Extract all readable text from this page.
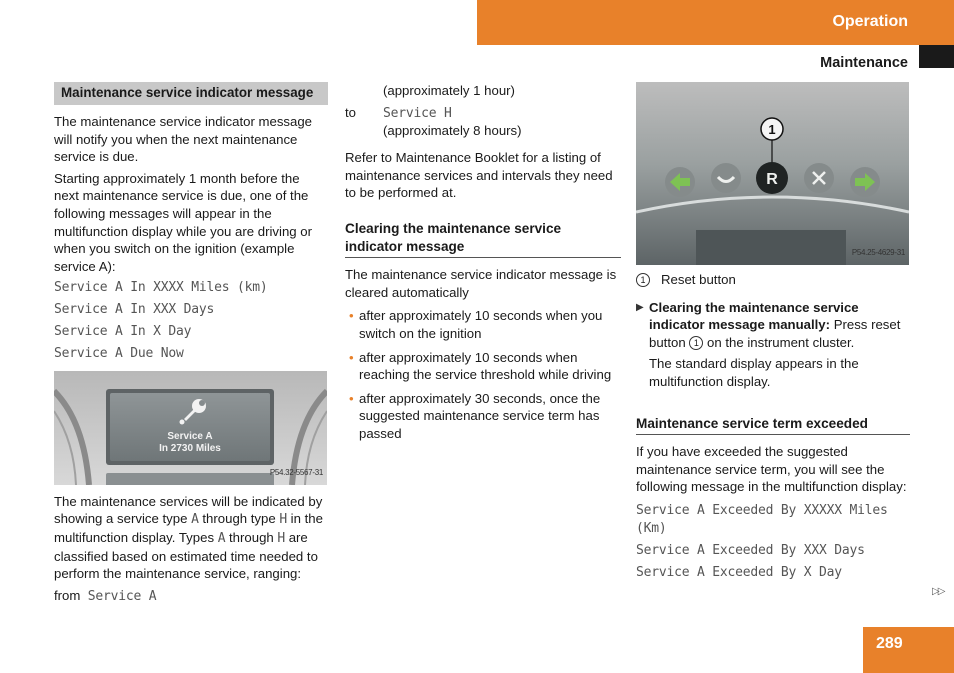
Operation
Maintenance
Maintenance service indicator message

The maintenance service indicator message will notify you when the next maintenance service is due.

Starting approximately 1 month before the next maintenance service is due, one of the following messages will appear in the multifunction display while you are driving or when you switch on the ignition (example service A):

Service A In XXXX Miles (km)
Service A In XXX Days
Service A In X Day
Service A Due Now
Service A
In 2730 Miles
P54.32-5567-31

The maintenance services will be indicated by showing a service type A through type H in the multifunction display. Types A through H are classified based on estimated time needed to perform the maintenance service, ranging:

from Service A
(approximately 1 hour)
to Service H
(approximately 8 hours)

Refer to Maintenance Booklet for a listing of maintenance services and intervals they need to be performed at.

Clearing the maintenance service indicator message

The maintenance service indicator message is cleared automatically

• after approximately 10 seconds when you switch on the ignition
• after approximately 10 seconds when reaching the service threshold while driving
• after approximately 30 seconds, once the suggested maintenance service term has passed
1
R
P54.25-4629-31
1 Reset button
▶ Clearing the maintenance service indicator message manually: Press reset button 1 on the instrument cluster.

The standard display appears in the multifunction display.

Maintenance service term exceeded

If you have exceeded the suggested maintenance service term, you will see the following message in the multifunction display:

Service A Exceeded By XXXXX Miles (Km)
Service A Exceeded By XXX Days
Service A Exceeded By X Day
▷▷
289
